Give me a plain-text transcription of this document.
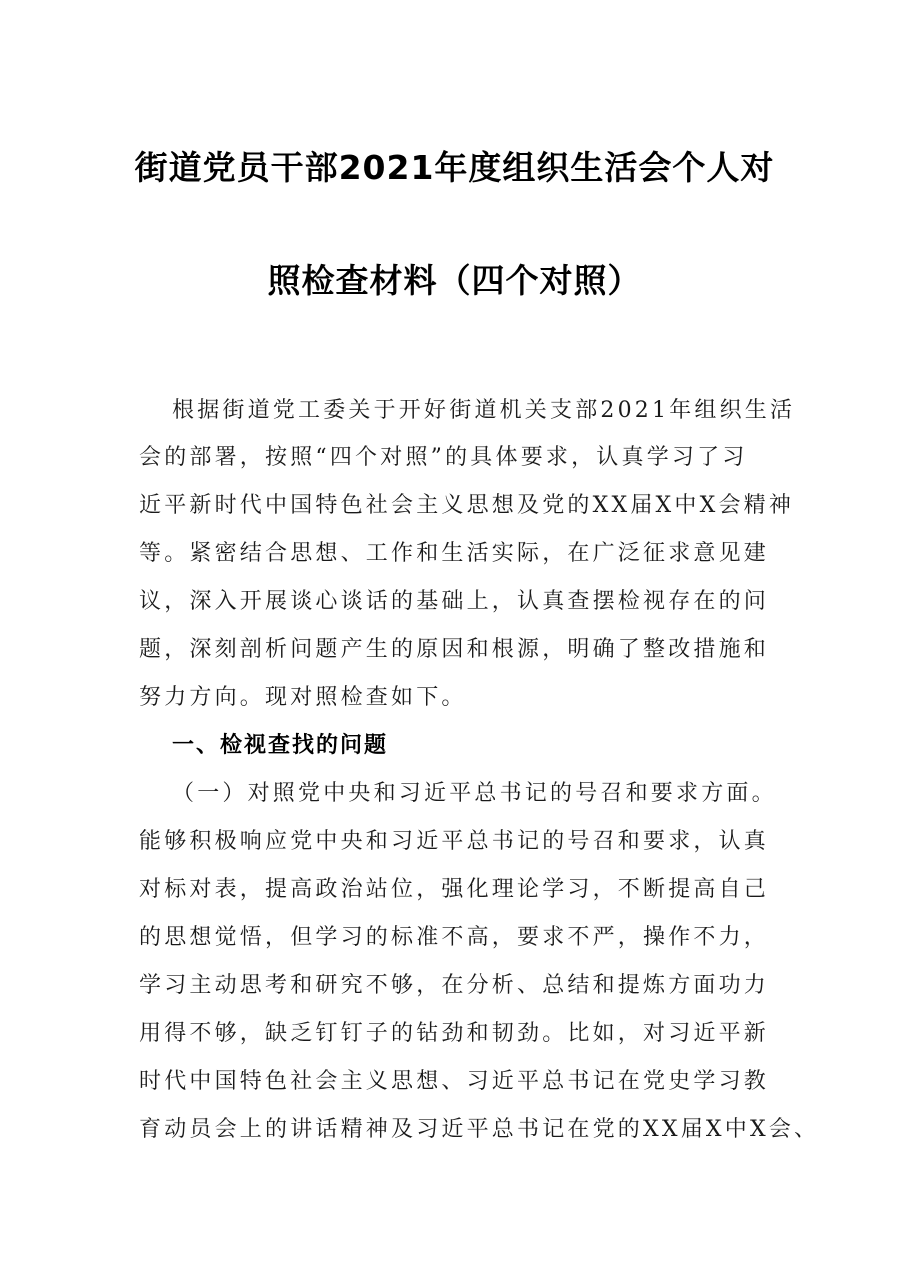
街道党员干部2021年度组织生活会个人对
照检查材料（四个对照）
根据街道党工委关于开好街道机关支部2021年组织生活
会的部署，按照“四个对照”的具体要求，认真学习了习
近平新时代中国特色社会主义思想及党的XX届X中X会精神
等。紧密结合思想、工作和生活实际，在广泛征求意见建
议，深入开展谈心谈话的基础上，认真查摆检视存在的问
题，深刻剖析问题产生的原因和根源，明确了整改措施和
努力方向。现对照检查如下。
一、检视查找的问题
（一）对照党中央和习近平总书记的号召和要求方面。
能够积极响应党中央和习近平总书记的号召和要求，认真
对标对表，提高政治站位，强化理论学习，不断提高自己
的思想觉悟，但学习的标准不高，要求不严，操作不力，
学习主动思考和研究不够，在分析、总结和提炼方面功力
用得不够，缺乏钉钉子的钻劲和韧劲。比如，对习近平新
时代中国特色社会主义思想、习近平总书记在党史学习教
育动员会上的讲话精神及习近平总书记在党的XX届X中X会、
